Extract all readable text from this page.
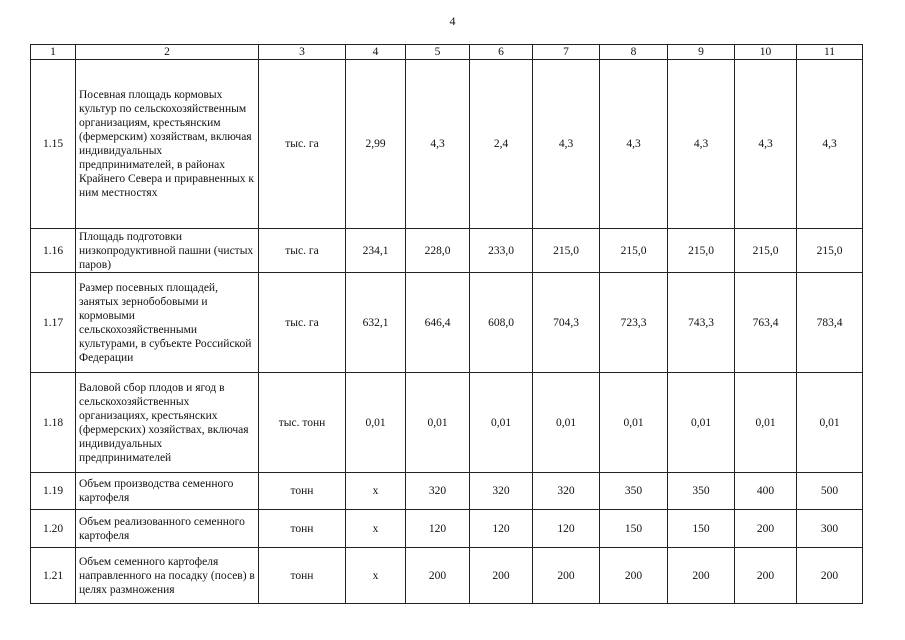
4
1	2	3	4	5	6	7	8	9	10	11
1.15	Посевная площадь кормовых культур по сельскохозяйственным организациям, крестьянским (фермерским) хозяйствам, включая индивидуальных предпринимателей, в районах Крайнего Севера и приравненных к ним местностях	тыс. га	2,99	4,3	2,4	4,3	4,3	4,3	4,3	4,3
1.16	Площадь подготовки низкопродуктивной пашни (чистых паров)	тыс. га	234,1	228,0	233,0	215,0	215,0	215,0	215,0	215,0
1.17	Размер посевных площадей, занятых зернобобовыми и кормовыми сельскохозяйственными культурами, в субъекте Российской Федерации	тыс. га	632,1	646,4	608,0	704,3	723,3	743,3	763,4	783,4
1.18	Валовой сбор плодов и ягод в сельскохозяйственных организациях, крестьянских (фермерских) хозяйствах, включая индивидуальных предпринимателей	тыс. тонн	0,01	0,01	0,01	0,01	0,01	0,01	0,01	0,01
1.19	Объем производства семенного картофеля	тонн	х	320	320	320	350	350	400	500
1.20	Объем реализованного семенного картофеля	тонн	х	120	120	120	150	150	200	300
1.21	Объем семенного картофеля направленного на посадку (посев) в целях размножения	тонн	х	200	200	200	200	200	200	200
